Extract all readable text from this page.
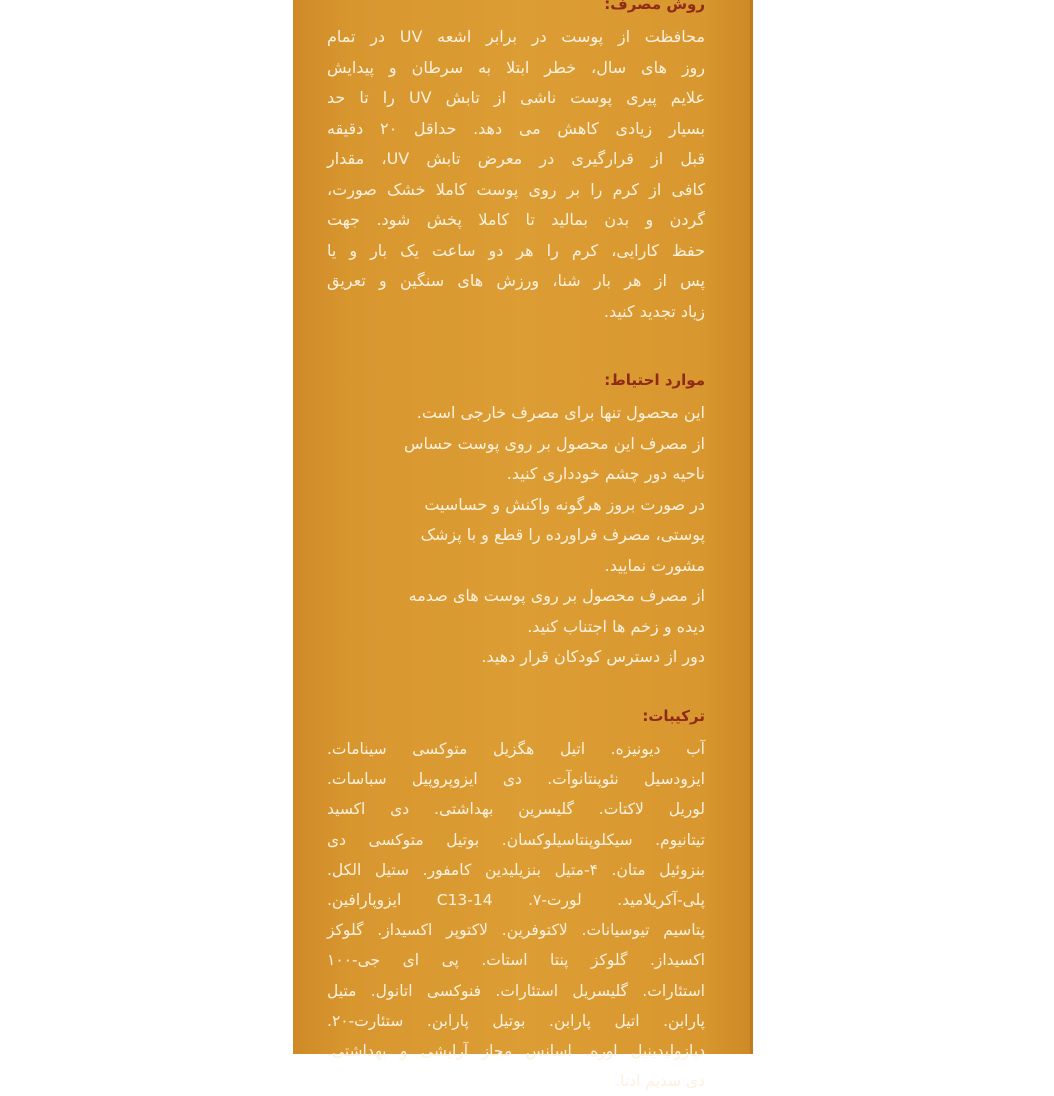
روش مصرف:

محافظت از پوست در برابر اشعه UV در تمام
روز های سال، خطر ابتلا به سرطان و پیدایش
علایم پیری پوست ناشی از تابش UV را تا حد
بسیار زیادی کاهش می دهد. حداقل ۲۰ دقیقه
قبل از قرارگیری در معرض تابش UV، مقدار
کافی از کرم را بر روی پوست کاملا خشک صورت،
گردن و بدن بمالید تا کاملا پخش شود. جهت
حفظ کارایی، کرم را هر دو ساعت یک بار و یا
پس از هر بار شنا، ورزش های سنگین و تعریق
زیاد تجدید کنید.

موارد احتیاط:

این محصول تنها برای مصرف خارجی است.
از مصرف این محصول بر روی پوست حساس
ناحیه دور چشم خودداری کنید.
در صورت بروز هرگونه واکنش و حساسیت
پوستی، مصرف فراورده را قطع و با پزشک
مشورت نمایید.
از مصرف محصول بر روی پوست های صدمه
دیده و زخم ها اجتناب کنید.
دور از دسترس کودکان قرار دهید.

ترکیبات:

آب دیونیزه. اتیل هگزیل متوکسی سینامات.
ایزودسیل نئوپنتانوآت. دی ایزوپروپیل سباسات.
لوریل لاکتات. گلیسرین بهداشتی. دی اکسید
تیتانیوم. سیکلوپنتاسیلوکسان. بوتیل متوکسی دی
بنزوئیل متان. ۴-متیل بنزیلیدین کامفور. ستیل الکل.
پلی-آکریلامید. لورت-۷. C13-14 ایزوپارافین.
پتاسیم تیوسیانات. لاکتوفرین. لاکتوپر اکسیداز. گلوکز
اکسیداز. گلوکز پنتا استات. پی ای جی-۱۰۰
استئارات. گلیسریل استئارات. فنوکسی اتانول. متیل
پارابن. اتیل پارابن. بوتیل پارابن. ستئارت-۲۰.
دیازولیدینیل اوره. اسانس مجاز آرایشی و بهداشتی.
دی سدیم ادتا.
